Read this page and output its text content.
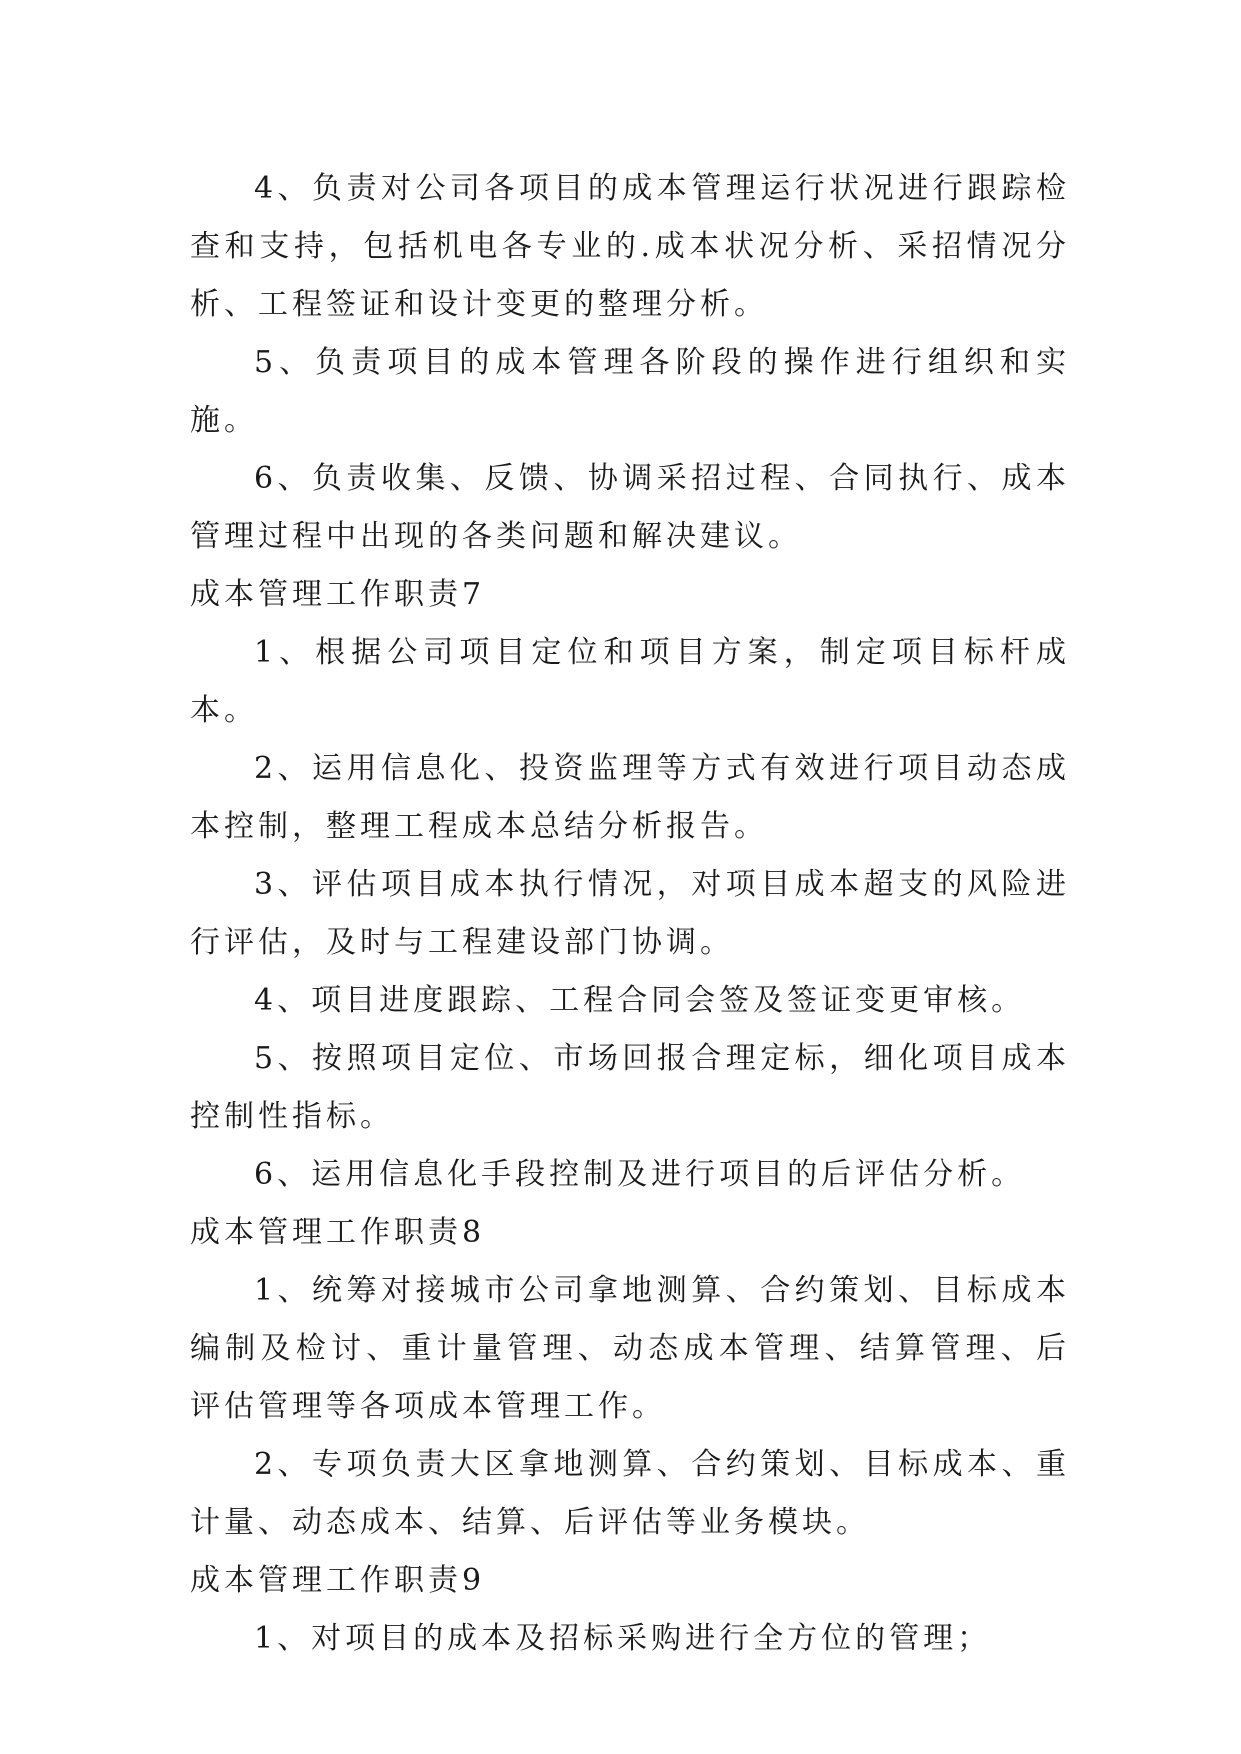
4、负责对公司各项目的成本管理运行状况进行跟踪检查和支持，包括机电各专业的.成本状况分析、采招情况分析、工程签证和设计变更的整理分析。

5、负责项目的成本管理各阶段的操作进行组织和实施。

6、负责收集、反馈、协调采招过程、合同执行、成本管理过程中出现的各类问题和解决建议。

成本管理工作职责7

1、根据公司项目定位和项目方案，制定项目标杆成本。

2、运用信息化、投资监理等方式有效进行项目动态成本控制，整理工程成本总结分析报告。

3、评估项目成本执行情况，对项目成本超支的风险进行评估，及时与工程建设部门协调。

4、项目进度跟踪、工程合同会签及签证变更审核。

5、按照项目定位、市场回报合理定标，细化项目成本控制性指标。

6、运用信息化手段控制及进行项目的后评估分析。

成本管理工作职责8

1、统筹对接城市公司拿地测算、合约策划、目标成本编制及检讨、重计量管理、动态成本管理、结算管理、后评估管理等各项成本管理工作。

2、专项负责大区拿地测算、合约策划、目标成本、重计量、动态成本、结算、后评估等业务模块。

成本管理工作职责9

1、对项目的成本及招标采购进行全方位的管理；
